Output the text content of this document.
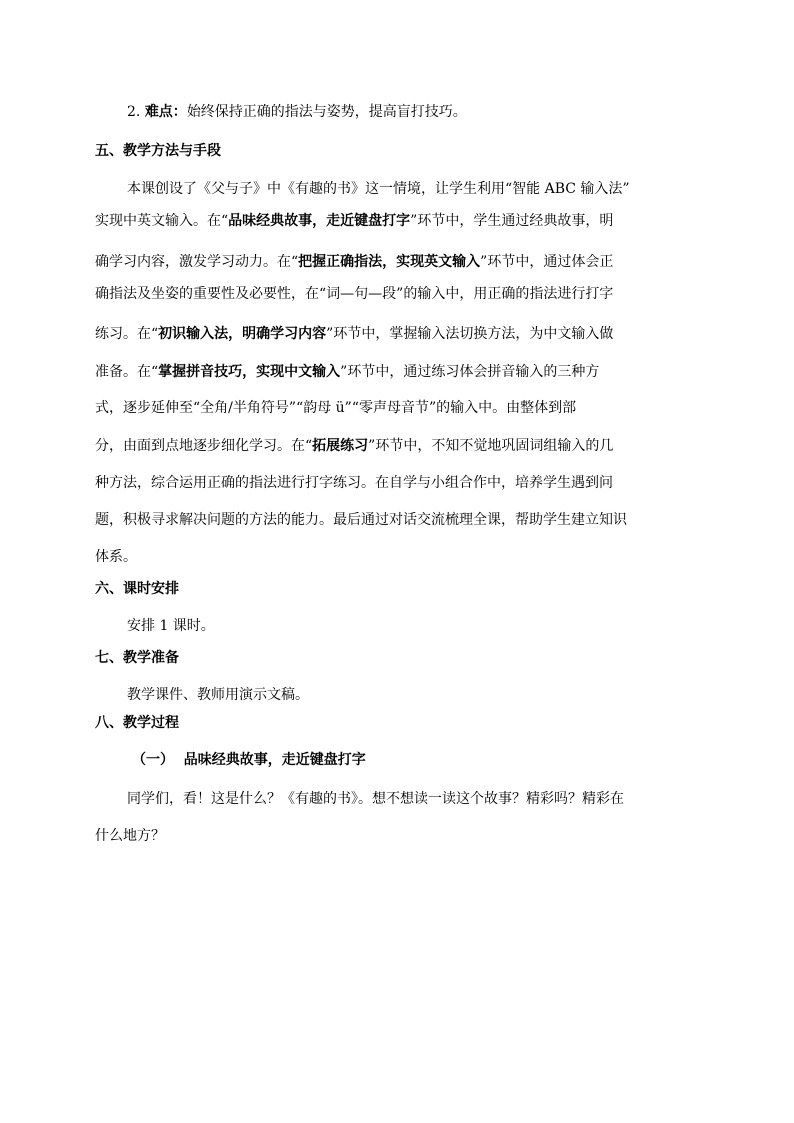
2. 难点：始终保持正确的指法与姿势，提高盲打技巧。
五、教学方法与手段
本课创设了《父与子》中《有趣的书》这一情境，让学生利用“智能 ABC 输入法”
实现中英文输入。在“品味经典故事，走近键盘打字”环节中，学生通过经典故事，明
确学习内容，激发学习动力。在“把握正确指法，实现英文输入”环节中，通过体会正
确指法及坐姿的重要性及必要性，在“词—句—段”的输入中，用正确的指法进行打字
练习。在“初识输入法，明确学习内容”环节中，掌握输入法切换方法，为中文输入做
准备。在“掌握拼音技巧，实现中文输入”环节中，通过练习体会拼音输入的三种方
式，逐步延伸至“全角/半角符号”“韵母 ü”“零声母音节”的输入中。由整体到部
分，由面到点地逐步细化学习。在“拓展练习”环节中，不知不觉地巩固词组输入的几
种方法，综合运用正确的指法进行打字练习。在自学与小组合作中，培养学生遇到问
题，积极寻求解决问题的方法的能力。最后通过对话交流梳理全课，帮助学生建立知识
体系。
六、课时安排
安排 1 课时。
七、教学准备
教学课件、教师用演示文稿。
八、教学过程
（一） 品味经典故事，走近键盘打字
同学们，看！这是什么？《有趣的书》。想不想读一读这个故事？精彩吗？精彩在
什么地方？
